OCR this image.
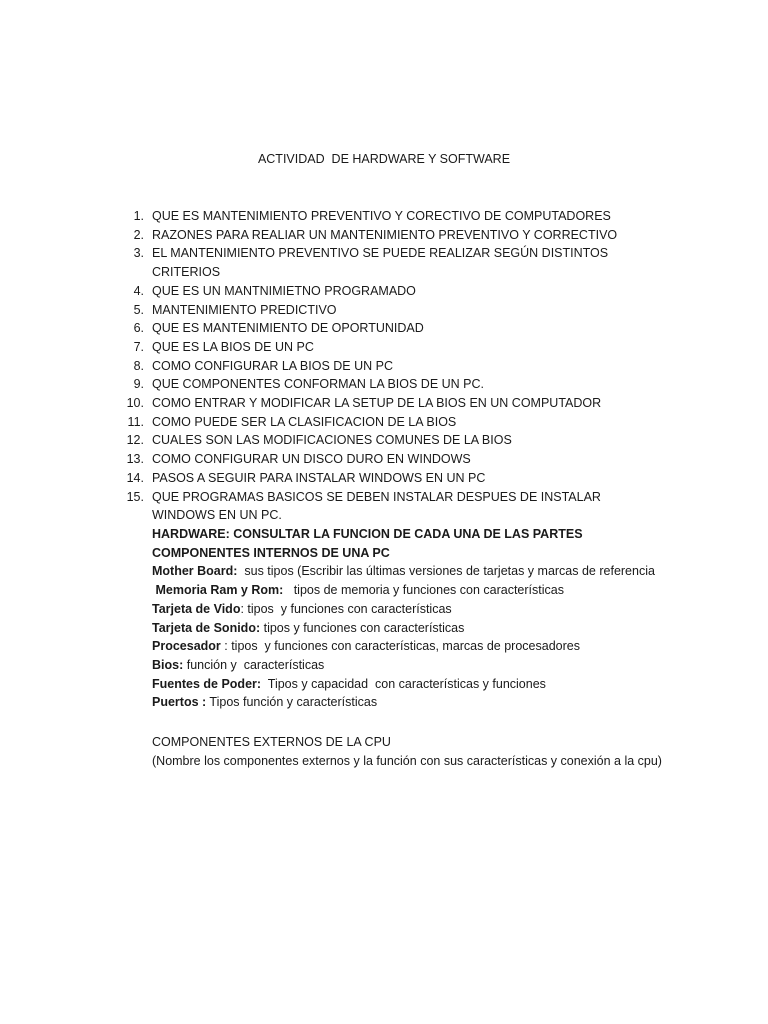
ACTIVIDAD  DE HARDWARE Y SOFTWARE
1. QUE ES MANTENIMIENTO PREVENTIVO Y CORECTIVO DE COMPUTADORES
2. RAZONES PARA REALIAR UN MANTENIMIENTO PREVENTIVO Y CORRECTIVO
3. EL MANTENIMIENTO PREVENTIVO SE PUEDE REALIZAR SEGÚN DISTINTOS CRITERIOS
4. QUE ES UN MANTNIMIETNO PROGRAMADO
5. MANTENIMIENTO PREDICTIVO
6. QUE ES MANTENIMIENTO DE OPORTUNIDAD
7. QUE ES LA BIOS DE UN PC
8. COMO CONFIGURAR LA BIOS DE UN PC
9. QUE COMPONENTES CONFORMAN LA BIOS DE UN PC.
10. COMO ENTRAR Y MODIFICAR LA SETUP DE LA BIOS EN UN COMPUTADOR
11. COMO PUEDE SER LA CLASIFICACION DE LA BIOS
12. CUALES SON LAS MODIFICACIONES COMUNES DE LA BIOS
13. COMO CONFIGURAR UN DISCO DURO EN WINDOWS
14. PASOS A SEGUIR PARA INSTALAR WINDOWS EN UN PC
15. QUE PROGRAMAS BASICOS SE DEBEN INSTALAR DESPUES DE INSTALAR WINDOWS EN UN PC.
HARDWARE: CONSULTAR LA FUNCION DE CADA UNA DE LAS PARTES
COMPONENTES INTERNOS DE UNA PC
Mother Board:  sus tipos (Escribir las últimas versiones de tarjetas y marcas de referencia
Memoria Ram y Rom:   tipos de memoria y funciones con características
Tarjeta de Vido: tipos  y funciones con características
Tarjeta de Sonido: tipos y funciones con características
Procesador : tipos  y funciones con características, marcas de procesadores
Bios: función y  características
Fuentes de Poder:  Tipos y capacidad  con características y funciones
Puertos : Tipos función y características
COMPONENTES EXTERNOS DE LA CPU
(Nombre los componentes externos y la función con sus características y conexión a la cpu)
